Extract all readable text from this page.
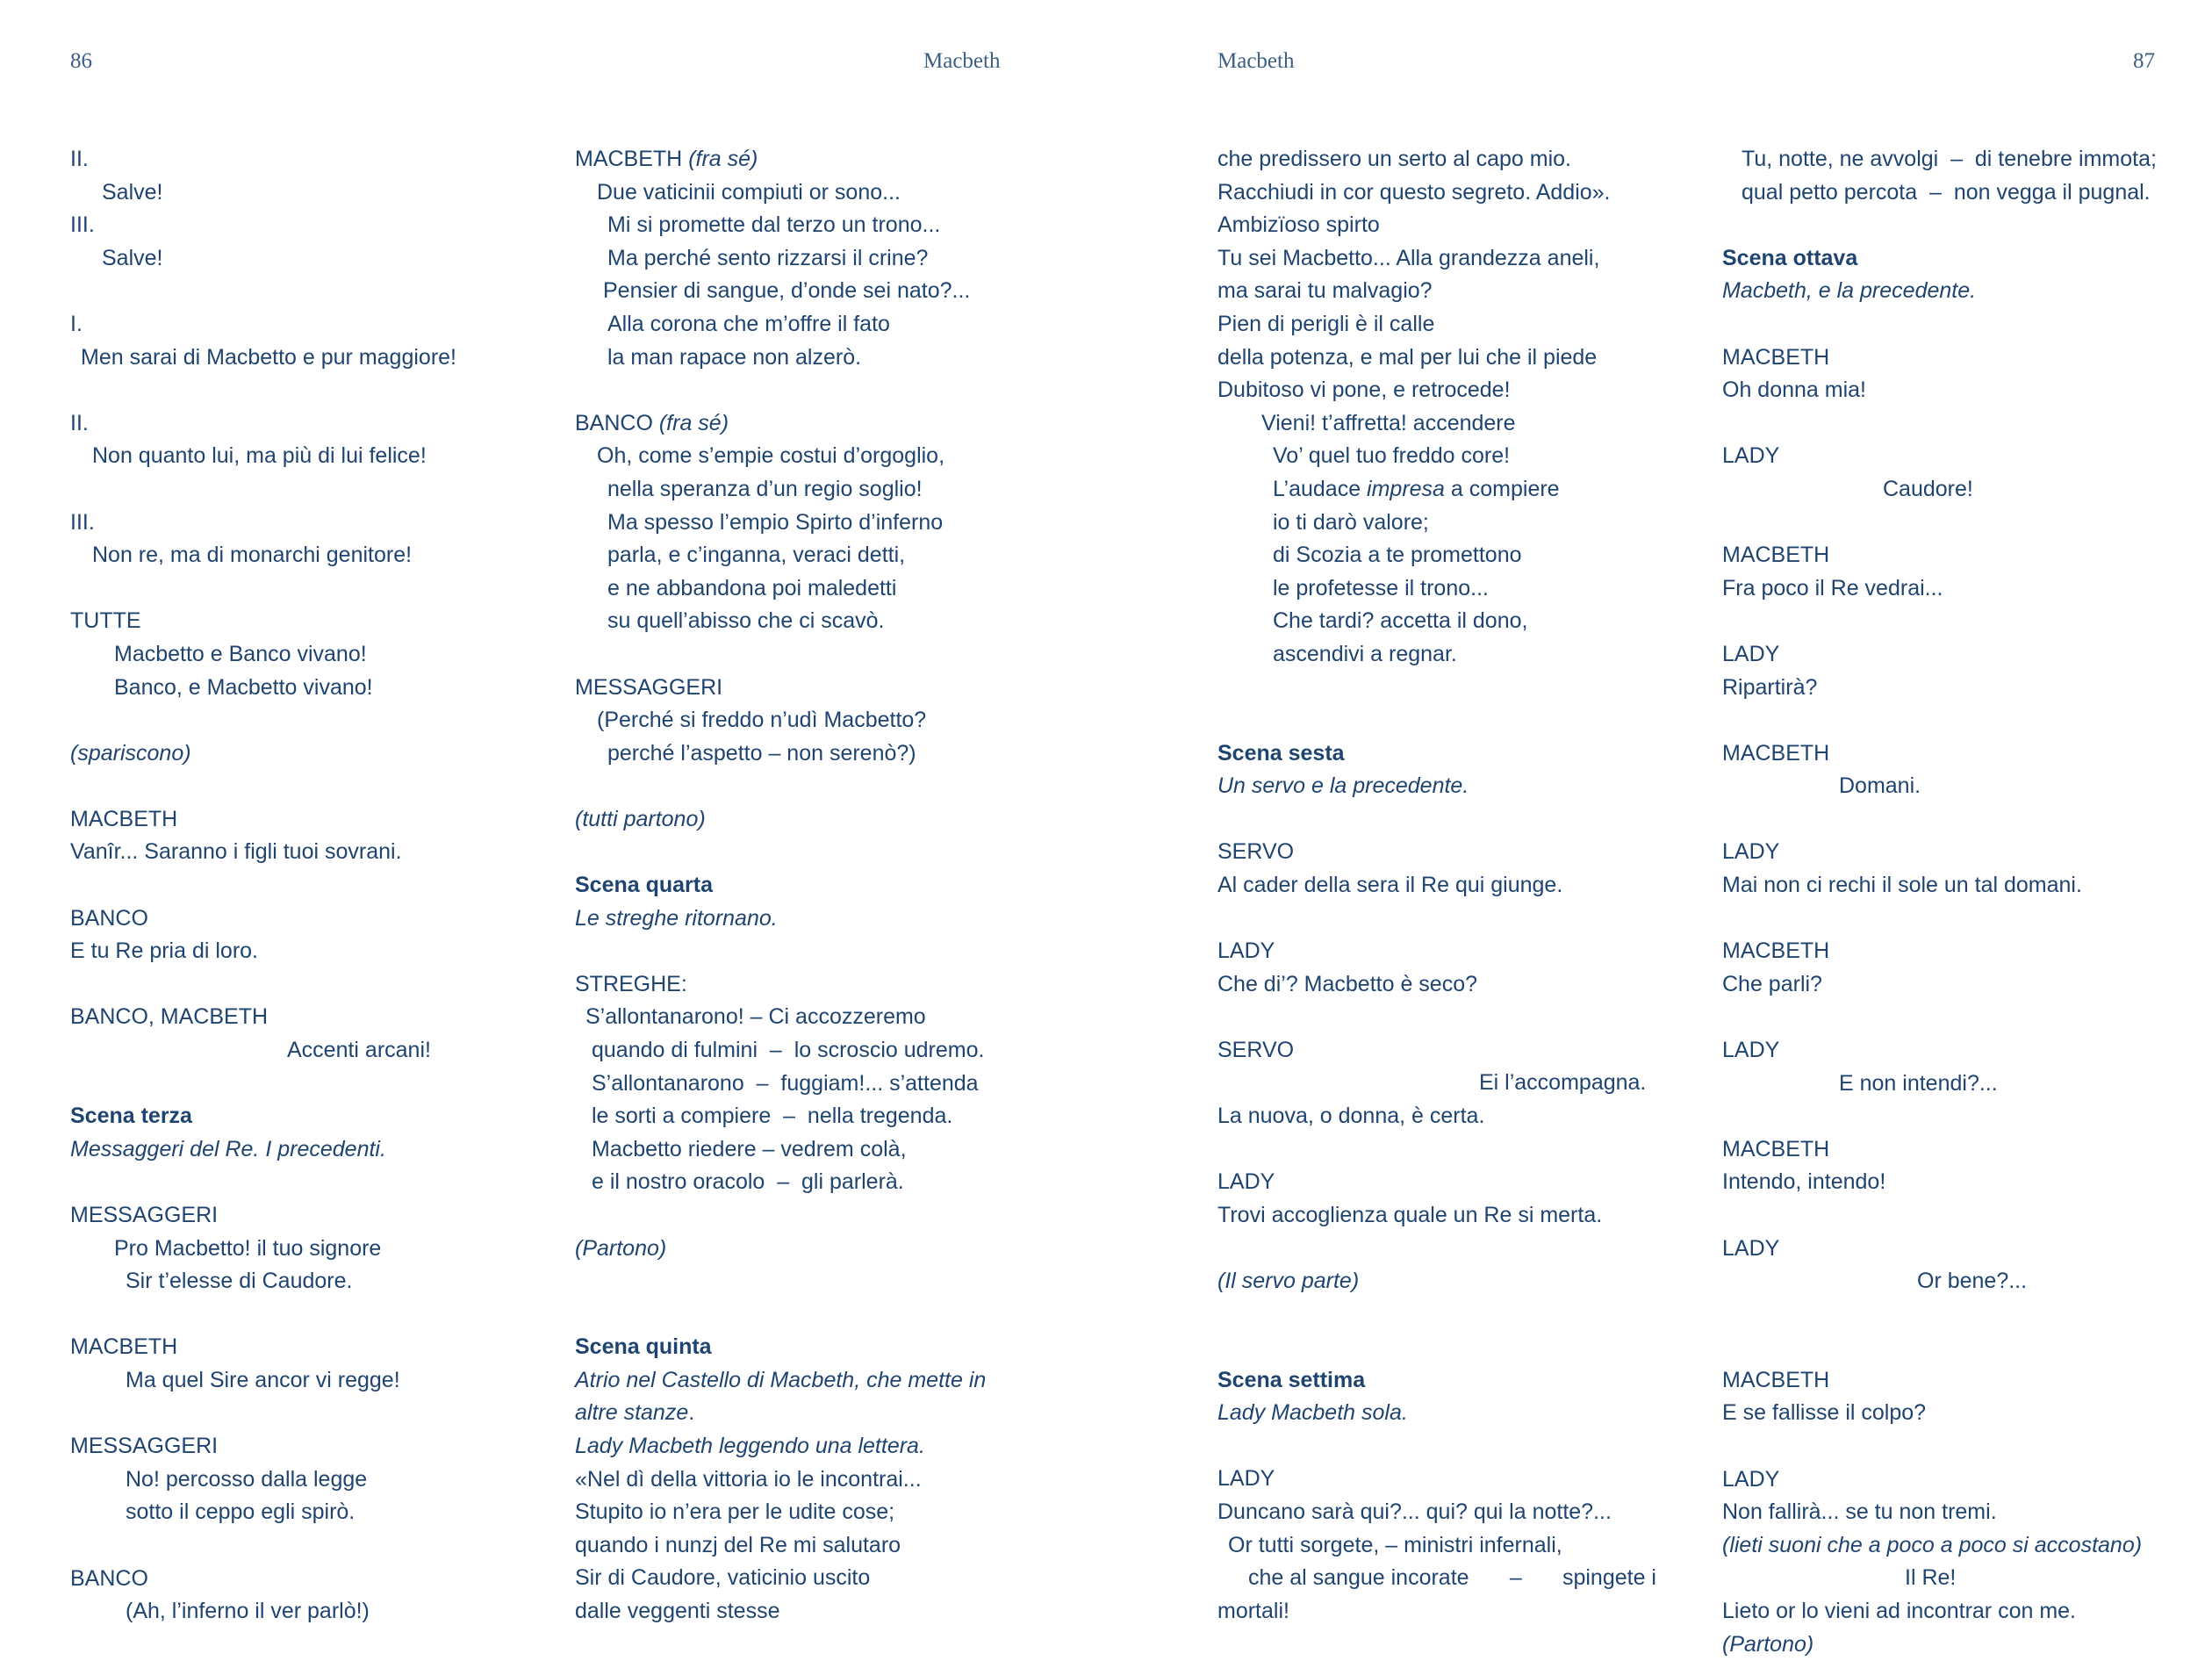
86	Macbeth	Macbeth	87
II.
Salve!
III.
Salve!
I.
Men sarai di Macbetto e pur maggiore!
II.
Non quanto lui, ma più di lui felice!
III.
Non re, ma di monarchi genitore!
TUTTE
Macbetto e Banco vivano!
Banco, e Macbetto vivano!
(spariscono)
MACBETH
Vanîr... Saranno i figli tuoi sovrani.
BANCO
E tu Re pria di loro.
BANCO, MACBETH
Accenti arcani!
Scena terza
Messaggeri del Re. I precedenti.
MESSAGGERI
Pro Macbetto! il tuo signore
Sir t’elesse di Caudore.
MACBETH
Ma quel Sire ancor vi regge!
MESSAGGERI
No! percosso dalla legge
sotto il ceppo egli spirò.
BANCO
(Ah, l’inferno il ver parlò!)
MACBETH (fra sé)
Due vaticinii compiuti or sono...
Mi si promette dal terzo un trono...
Ma perché sento rizzarsi il crine?
Pensier di sangue, d’onde sei nato?...
Alla corona che m’offre il fato
la man rapace non alzerò.
BANCO (fra sé)
Oh, come s’empie costui d’orgoglio,
nella speranza d’un regio soglio!
Ma spesso l’empio Spirto d’inferno
parla, e c’inganna, veraci detti,
e ne abbandona poi maledetti
su quell’abisso che ci scavò.
MESSAGGERI
(Perché si freddo n’udì Macbetto?
perché l’aspetto – non serenò?)
(tutti partono)
Scena quarta
Le streghe ritornano.
STREGHE:
S’allontanarono! – Ci accozzeremo
quando di fulmini  –  lo scroscio udremo.
S’allontanarono  –  fuggiam!... s’attenda
le sorti a compiere  –  nella tregenda.
Macbetto riedere – vedrem colà,
e il nostro oracolo  –  gli parlerà.
(Partono)
Scena quinta
Atrio nel Castello di Macbeth, che mette in
altre stanze.
Lady Macbeth leggendo una lettera.
«Nel dì della vittoria io le incontrai...
Stupito io n’era per le udite cose;
quando i nunzj del Re mi salutaro
Sir di Caudore, vaticinio uscito
dalle veggenti stesse
che predissero un serto al capo mio.
Racchiudi in cor questo segreto. Addio».
Ambizïoso spirto
Tu sei Macbetto... Alla grandezza aneli,
ma sarai tu malvagio?
Pien di perigli è il calle
della potenza, e mal per lui che il piede
Dubitoso vi pone, e retrocede!
Vieni! t’affretta! accendere
Vo’ quel tuo freddo core!
L’audace impresa a compiere
io ti darò valore;
di Scozia a te promettono
le profetesse il trono...
Che tardi? accetta il dono,
ascendivi a regnar.
Scena sesta
Un servo e la precedente.
SERVO
Al cader della sera il Re qui giunge.
LADY
Che di’? Macbetto è seco?
SERVO
Ei l’accompagna.
La nuova, o donna, è certa.
LADY
Trovi accoglienza quale un Re si merta.
(Il servo parte)
Scena settima
Lady Macbeth sola.
LADY
Duncano sarà qui?... qui? qui la notte?...
Or tutti sorgete, – ministri infernali,
che al sangue incorate – spingete i
mortali!
Tu, notte, ne avvolgi  –  di tenebre immota;
qual petto percota  –  non vegga il pugnal.
Scena ottava
Macbeth, e la precedente.
MACBETH
Oh donna mia!
LADY
Caudore!
MACBETH
Fra poco il Re vedrai...
LADY
Ripartirà?
MACBETH
Domani.
LADY
Mai non ci rechi il sole un tal domani.
MACBETH
Che parli?
LADY
E non intendi?...
MACBETH
Intendo, intendo!
LADY
Or bene?...
MACBETH
E se fallisse il colpo?
LADY
Non fallirà... se tu non tremi.
(lieti suoni che a poco a poco si accostano)
Il Re!
Lieto or lo vieni ad incontrar con me.
(Partono)
